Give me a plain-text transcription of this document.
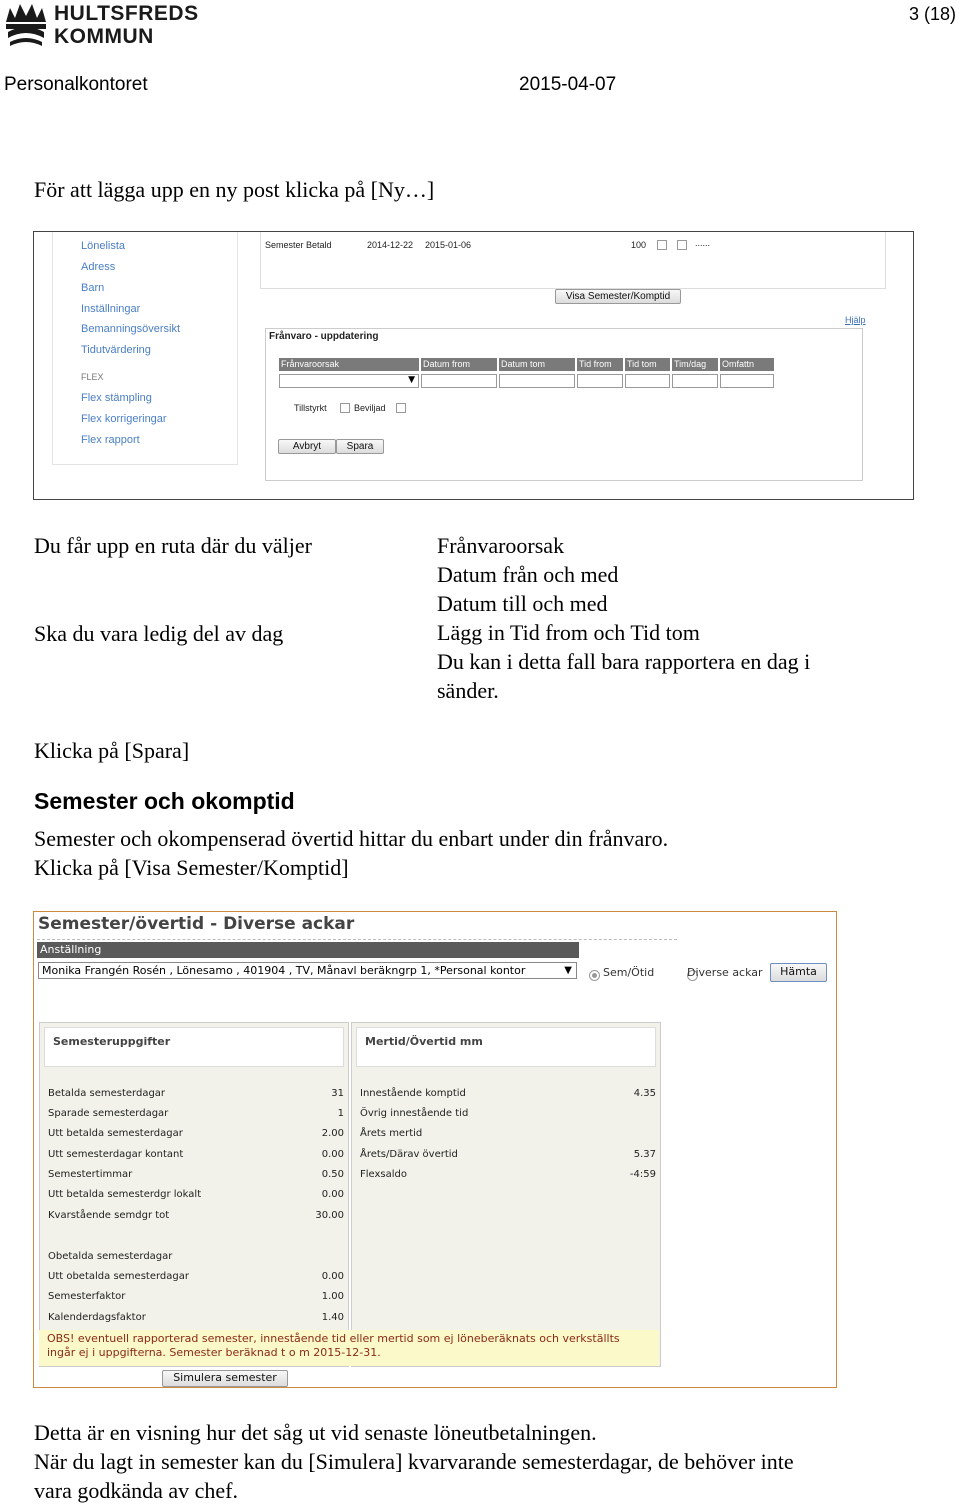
HULTSFREDS
KOMMUN
3 (18)
Personalkontoret	2015-04-07
För att lägga upp en ny post klicka på [Ny…]
Lönelista
Adress
Barn
Inställningar
Bemanningsöversikt
Tidutvärdering
FLEX
Flex stämpling
Flex korrigeringar
Flex rapport
Semester Betald	2014-12-22 2015-01-06	100	......
Visa Semester/Komptid
Hjälp
Frånvaro - uppdatering
Frånvaroorsak	Datum from	Datum tom	Tid from	Tid tom	Tim/dag	Omfattn
▼
Tillstyrkt	Beviljad
Avbryt	Spara
Du får upp en ruta där du väljer
Ska du vara ledig del av dag
Frånvaroorsak
Datum från och med
Datum till och med
Lägg in Tid from och Tid tom
Du kan i detta fall bara rapportera en dag i
sänder.
Klicka på [Spara]
Semester och okomptid
Semester och okompenserad övertid hittar du enbart under din frånvaro.
Klicka på [Visa Semester/Komptid]
Semester/övertid - Diverse ackar
Anställning
Monika Frangén Rosén , Lönesamo , 401904 , TV, Månavl beräkngrp 1, *Personal kontor	▼
	Sem/Ötid	Diverse ackar	Hämta
Semesteruppgifter
Betalda semesterdagar	31
Sparade semesterdagar	1
Utt betalda semesterdagar	2.00
Utt semesterdagar kontant	0.00
Semestertimmar	0.50
Utt betalda semesterdgr lokalt	0.00
Kvarstående semdgr tot	30.00
Obetalda semesterdagar
Utt obetalda semesterdagar	0.00
Semesterfaktor	1.00
Kalenderdagsfaktor	1.40
Mertid/Övertid mm
Innestående komptid	4.35
Övrig innestående tid
Årets mertid
Årets/Därav övertid	5.37
Flexsaldo	-4:59
OBS! eventuell rapporterad semester, innestående tid eller mertid som ej löneberäknats och verkställts ingår ej i uppgifterna. Semester beräknad t o m 2015-12-31.
Simulera semester
Detta är en visning hur det såg ut vid senaste löneutbetalningen.
När du lagt in semester kan du [Simulera] kvarvarande semesterdagar, de behöver inte
vara godkända av chef.
